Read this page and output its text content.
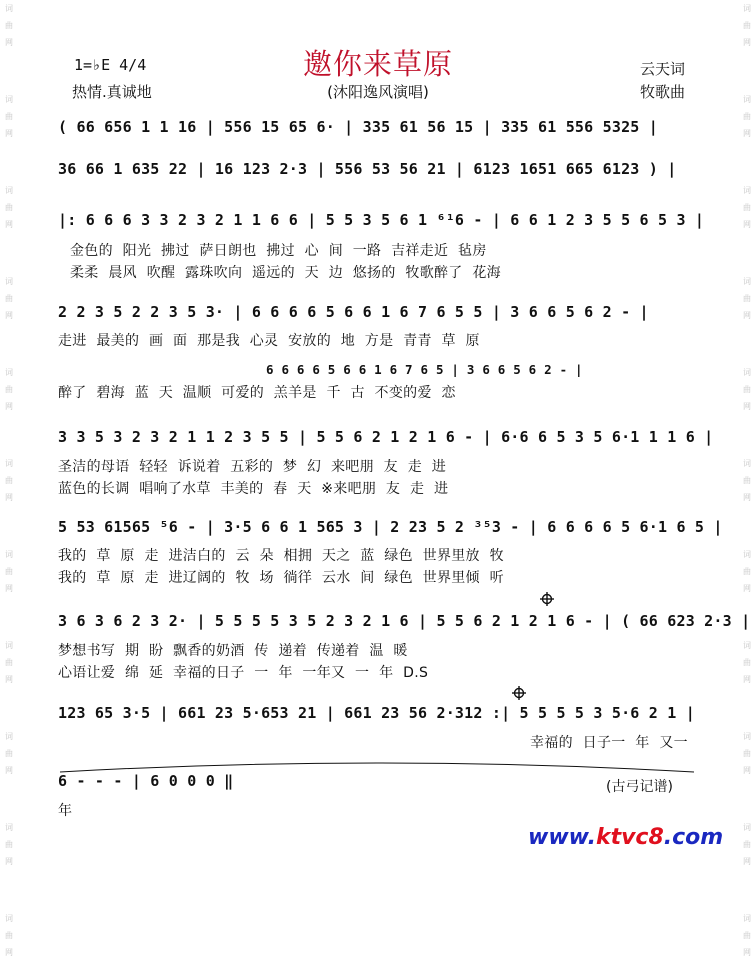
词
曲
网
词
曲
网
词
曲
网
词
曲
网
词
曲
网
词
曲
网
词
曲
网
词
曲
网
词
曲
网
词
曲
网
词
曲
网
词
曲
网
词
曲
网
词
曲
网
词
曲
网
词
曲
网
词
曲
网
词
曲
网
词
曲
网
词
曲
网
词
曲
网
词
曲
网
邀你来草原
1=♭E 4/4
热情.真诚地	(沐阳逸风演唱)
云天词
牧歌曲
( 66 656 1 1 16 | 556 15 65 6· | 335 61 56 15 | 335 61 556 5325 |
36 66 1 635 22 | 16 123 2·3 | 556 53 56 21 | 6123 1651 665 6123 ) |
|: 6 6 6 3 3 2 3 2 1 1 6 6 | 5 5 3 5 6 1 ⁶¹6 - | 6 6 1 2 3 5 5 6 5 3 |
金色的 阳光 拂过 萨日朗也 拂过 心 间 一路 吉祥走近 毡房
柔柔 晨风 吹醒 露珠吹向 遥远的 天 边 悠扬的 牧歌醉了 花海
2 2 3 5 2 2 3 5 3· | 6 6 6 6 5 6 6 1 6 7 6 5 5 | 3 6 6 5 6 2 - |
走进 最美的 画 面 那是我 心灵 安放的 地 方是 青青 草 原
6 6 6 6 5 6 6 1 6 7 6 5 | 3 6 6 5 6 2 - |
醉了 碧海 蓝 天 温顺 可爱的 羔羊是 千 古 不变的爱 恋
3 3 5 3 2 3 2 1 1 2 3 5 5 | 5 5 6 2 1 2 1 6 - | 6·6 6 5 3 5 6·1 1 1 6 |
圣洁的母语 轻轻 诉说着 五彩的 梦 幻 来吧朋 友 走 进
蓝色的长调 唱响了水草 丰美的 春 天 ※来吧朋 友 走 进
5 53 61565 ⁵6 - | 3·5 6 6 1 565 3 | 2 23 5 2 ³⁵3 - | 6 6 6 6 5 6·1 6 5 |
我的 草 原 走 进洁白的 云 朵 相拥 天之 蓝 绿色 世界里放 牧
我的 草 原 走 进辽阔的 牧 场 徜徉 云水 间 绿色 世界里倾 听
3 6 3 6 2 3 2· | 5 5 5 5 3 5 2 3 2 1 6 | 5 5 6 2 1 2 1 6 - | ( 66 623 2·3 |
梦想书写 期 盼 飘香的奶酒 传 递着 传递着 温 暖
心语让爱 绵 延 幸福的日子 一 年 一年又 一 年 D.S
123 65 3·5 | 661 23 5·653 21 | 661 23 56 2·312 :| 5 5 5 5 3 5·6 2 1 |
幸福的 日子一 年 又一
6 - - - | 6 0 0 0 ‖
年
(古弓记谱)
www.ktvc8.com
